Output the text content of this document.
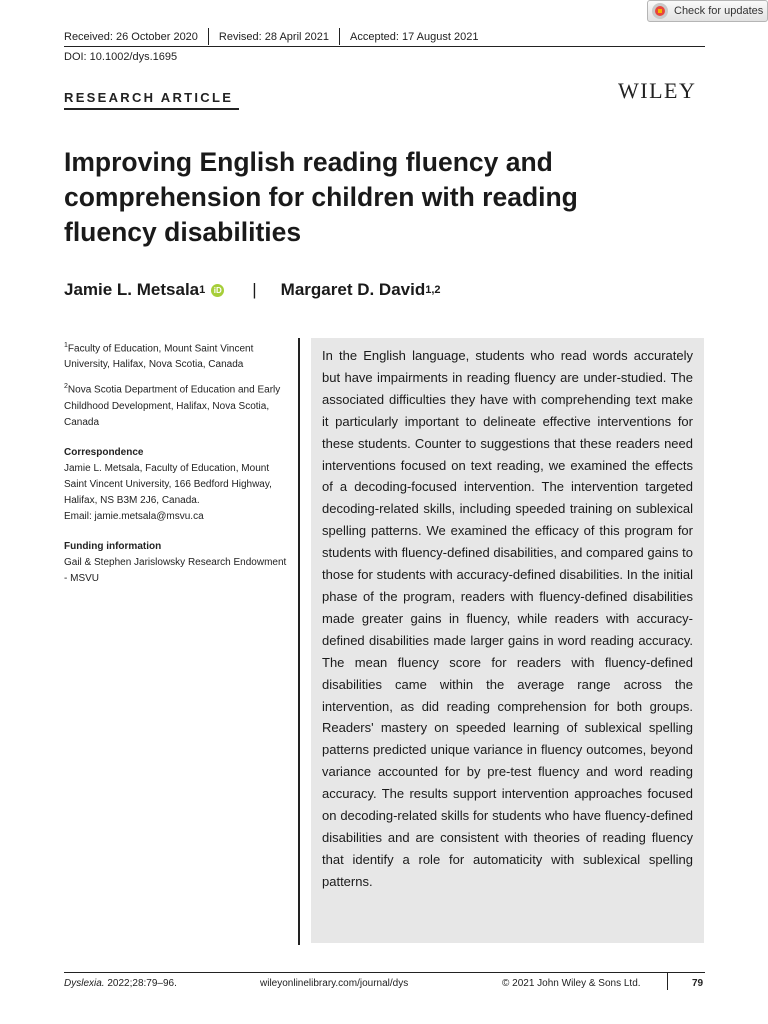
Check for updates
Received: 26 October 2020 Revised: 28 April 2021 Accepted: 17 August 2021
DOI: 10.1002/dys.1695
RESEARCH ARTICLE	WILEY
Improving English reading fluency and comprehension for children with reading fluency disabilities
Jamie L. Metsala 1	iD | Margaret D. David 1,2

$^1$Faculty of Education, Mount Saint Vincent University, Halifax, Nova Scotia, Canada

$^2$Nova Scotia Department of Education and Early Childhood Development, Halifax, Nova Scotia, Canada

Correspondence

Jamie L. Metsala, Faculty of Education, Mount Saint Vincent University, 166 Bedford Highway, Halifax, NS B3M 2J6, Canada.

Email: jamie.metsala@msvu.ca

Funding information

Gail & Stephen Jarislowsky Research Endowment - MSVU

In the English language, students who read words accurately but have impairments in reading fluency are under-studied. The associated difficulties they have with comprehending text make it particularly important to delineate effective interventions for these students. Counter to suggestions that these readers need interventions focused on text reading, we examined the effects of a decoding-focused intervention. The intervention targeted decoding-related skills, including speeded training on sublexical spelling patterns. We examined the efficacy of this program for students with fluency-defined disabilities, and compared gains to those for students with accuracy-defined disabilities. In the initial phase of the program, readers with fluency-defined disabilities made greater gains in fluency, while readers with accuracy-defined disabilities made larger gains in word reading accuracy. The mean fluency score for readers with fluency-defined disabilities came within the average range across the intervention, as did reading comprehension for both groups. Readers' mastery on speeded learning of sublexical spelling patterns predicted unique variance in fluency outcomes, beyond variance accounted for by pre-test fluency and word reading accuracy. The results support intervention approaches focused on decoding-related skills for students who have fluency-defined disabilities and are consistent with theories of reading fluency that identify a role for automaticity with sublexical spelling patterns.
Dyslexia. 2022;28:79–96.	wileyonlinelibrary.com/journal/dys	© 2021 John Wiley & Sons Ltd.	79
